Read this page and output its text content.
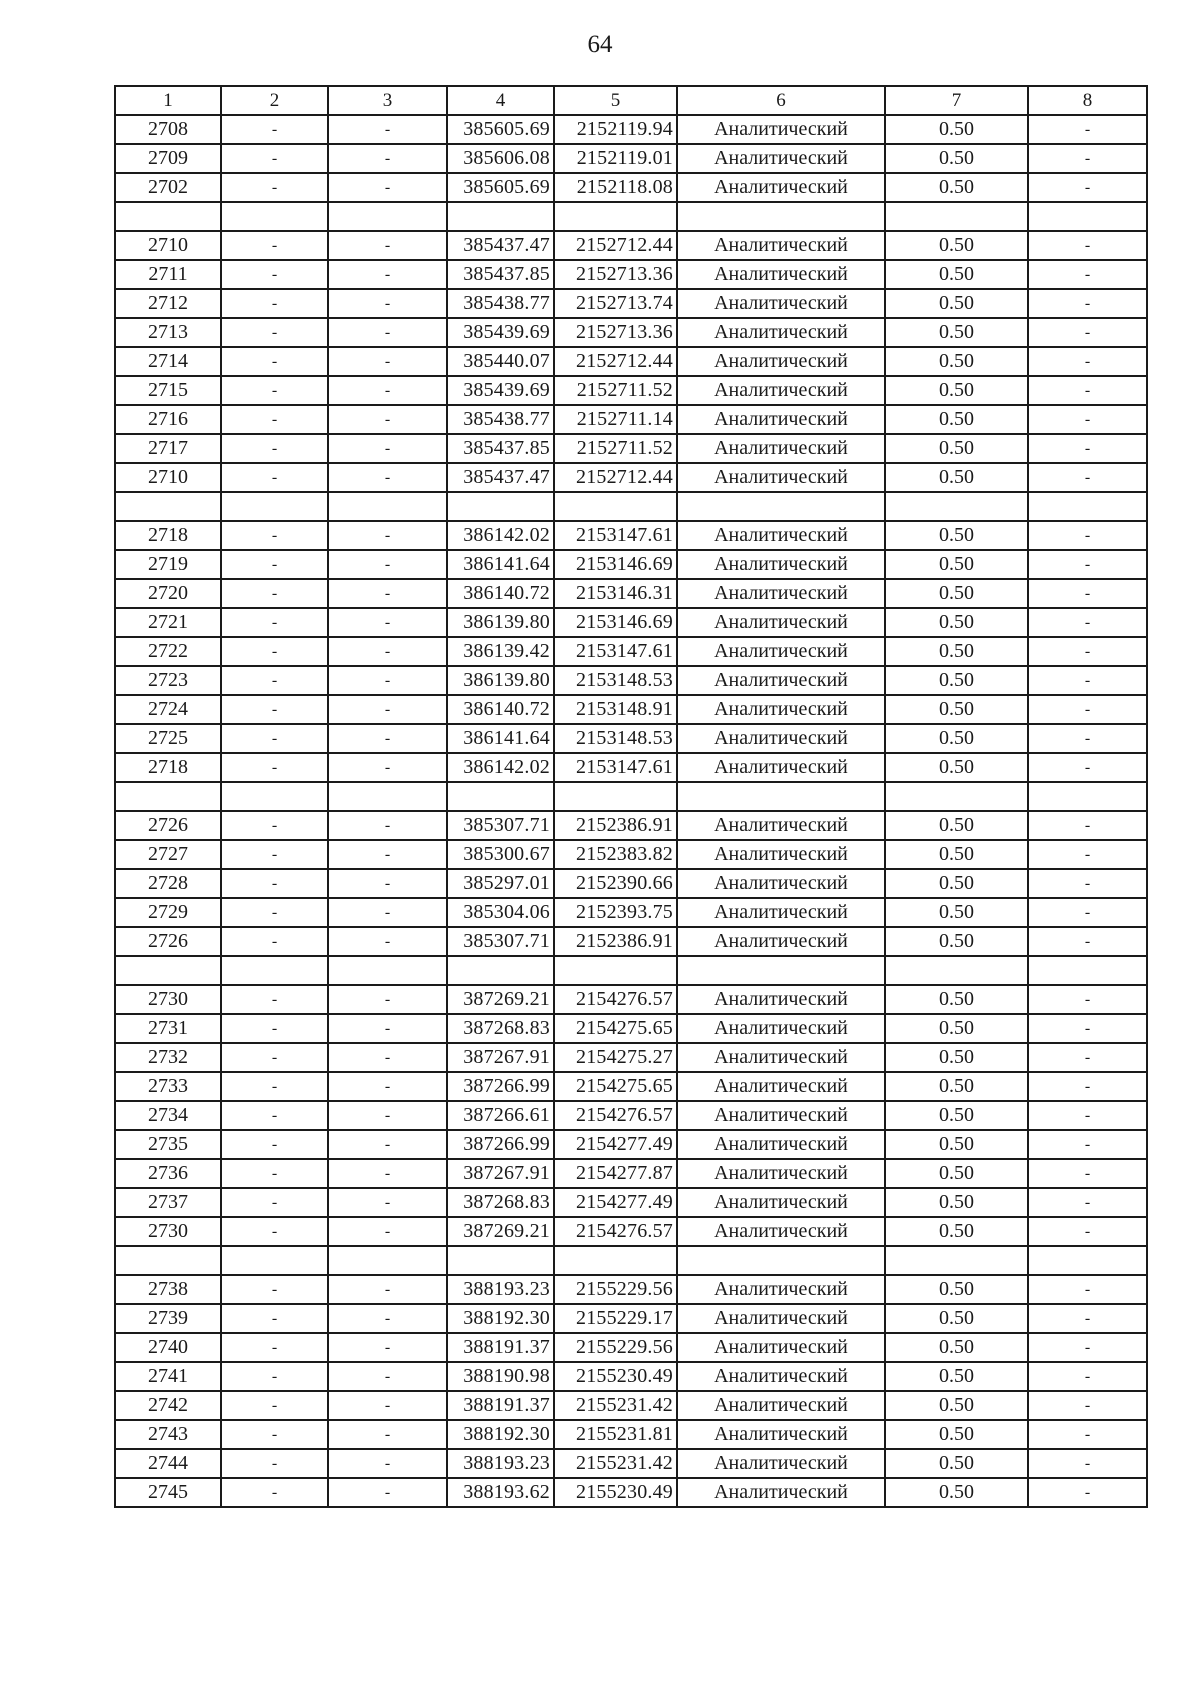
64
1	2	3	4	5	6	7	8
2708	-	-	385605.69	2152119.94	Аналитический	0.50	-
2709	-	-	385606.08	2152119.01	Аналитический	0.50	-
2702	-	-	385605.69	2152118.08	Аналитический	0.50	-

2710	-	-	385437.47	2152712.44	Аналитический	0.50	-
2711	-	-	385437.85	2152713.36	Аналитический	0.50	-
2712	-	-	385438.77	2152713.74	Аналитический	0.50	-
2713	-	-	385439.69	2152713.36	Аналитический	0.50	-
2714	-	-	385440.07	2152712.44	Аналитический	0.50	-
2715	-	-	385439.69	2152711.52	Аналитический	0.50	-
2716	-	-	385438.77	2152711.14	Аналитический	0.50	-
2717	-	-	385437.85	2152711.52	Аналитический	0.50	-
2710	-	-	385437.47	2152712.44	Аналитический	0.50	-

2718	-	-	386142.02	2153147.61	Аналитический	0.50	-
2719	-	-	386141.64	2153146.69	Аналитический	0.50	-
2720	-	-	386140.72	2153146.31	Аналитический	0.50	-
2721	-	-	386139.80	2153146.69	Аналитический	0.50	-
2722	-	-	386139.42	2153147.61	Аналитический	0.50	-
2723	-	-	386139.80	2153148.53	Аналитический	0.50	-
2724	-	-	386140.72	2153148.91	Аналитический	0.50	-
2725	-	-	386141.64	2153148.53	Аналитический	0.50	-
2718	-	-	386142.02	2153147.61	Аналитический	0.50	-

2726	-	-	385307.71	2152386.91	Аналитический	0.50	-
2727	-	-	385300.67	2152383.82	Аналитический	0.50	-
2728	-	-	385297.01	2152390.66	Аналитический	0.50	-
2729	-	-	385304.06	2152393.75	Аналитический	0.50	-
2726	-	-	385307.71	2152386.91	Аналитический	0.50	-

2730	-	-	387269.21	2154276.57	Аналитический	0.50	-
2731	-	-	387268.83	2154275.65	Аналитический	0.50	-
2732	-	-	387267.91	2154275.27	Аналитический	0.50	-
2733	-	-	387266.99	2154275.65	Аналитический	0.50	-
2734	-	-	387266.61	2154276.57	Аналитический	0.50	-
2735	-	-	387266.99	2154277.49	Аналитический	0.50	-
2736	-	-	387267.91	2154277.87	Аналитический	0.50	-
2737	-	-	387268.83	2154277.49	Аналитический	0.50	-
2730	-	-	387269.21	2154276.57	Аналитический	0.50	-

2738	-	-	388193.23	2155229.56	Аналитический	0.50	-
2739	-	-	388192.30	2155229.17	Аналитический	0.50	-
2740	-	-	388191.37	2155229.56	Аналитический	0.50	-
2741	-	-	388190.98	2155230.49	Аналитический	0.50	-
2742	-	-	388191.37	2155231.42	Аналитический	0.50	-
2743	-	-	388192.30	2155231.81	Аналитический	0.50	-
2744	-	-	388193.23	2155231.42	Аналитический	0.50	-
2745	-	-	388193.62	2155230.49	Аналитический	0.50	-
